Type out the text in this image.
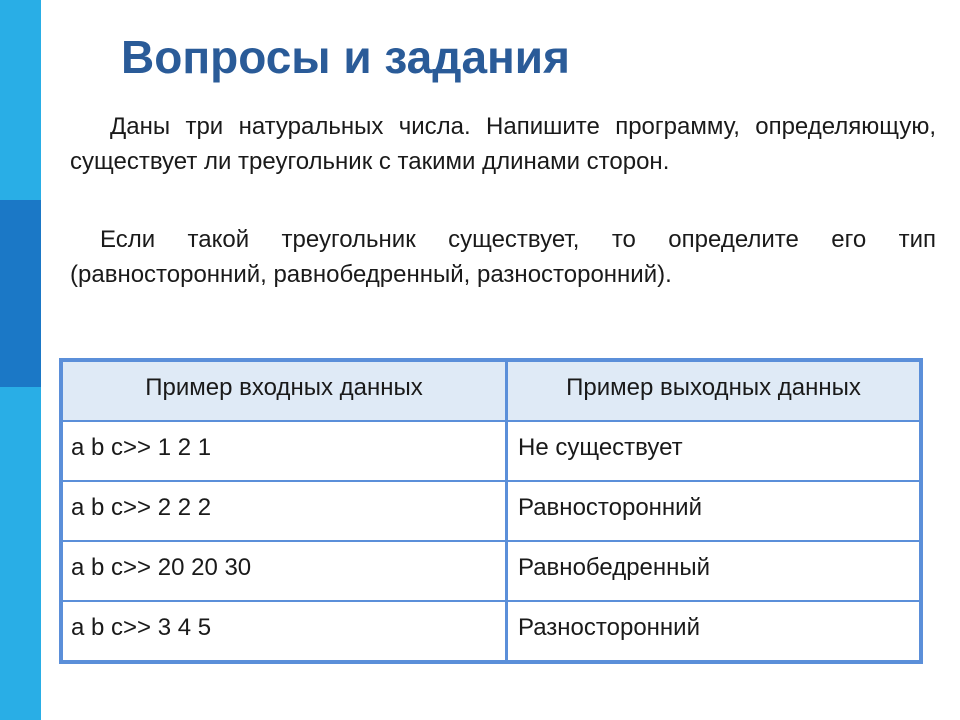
Вопросы и задания

Даны три натуральных числа. Напишите программу, определяющую, существует ли треугольник с такими длинами сторон.

Если такой треугольник существует, то определите его тип (равносторонний, равнобедренный, разносторонний).

Пример входных данных	Пример выходных данных
a b c>> 1 2 1	Не существует
a b c>> 2 2 2	Равносторонний
a b c>> 20 20 30	Равнобедренный
a b c>> 3 4 5	Разносторонний
